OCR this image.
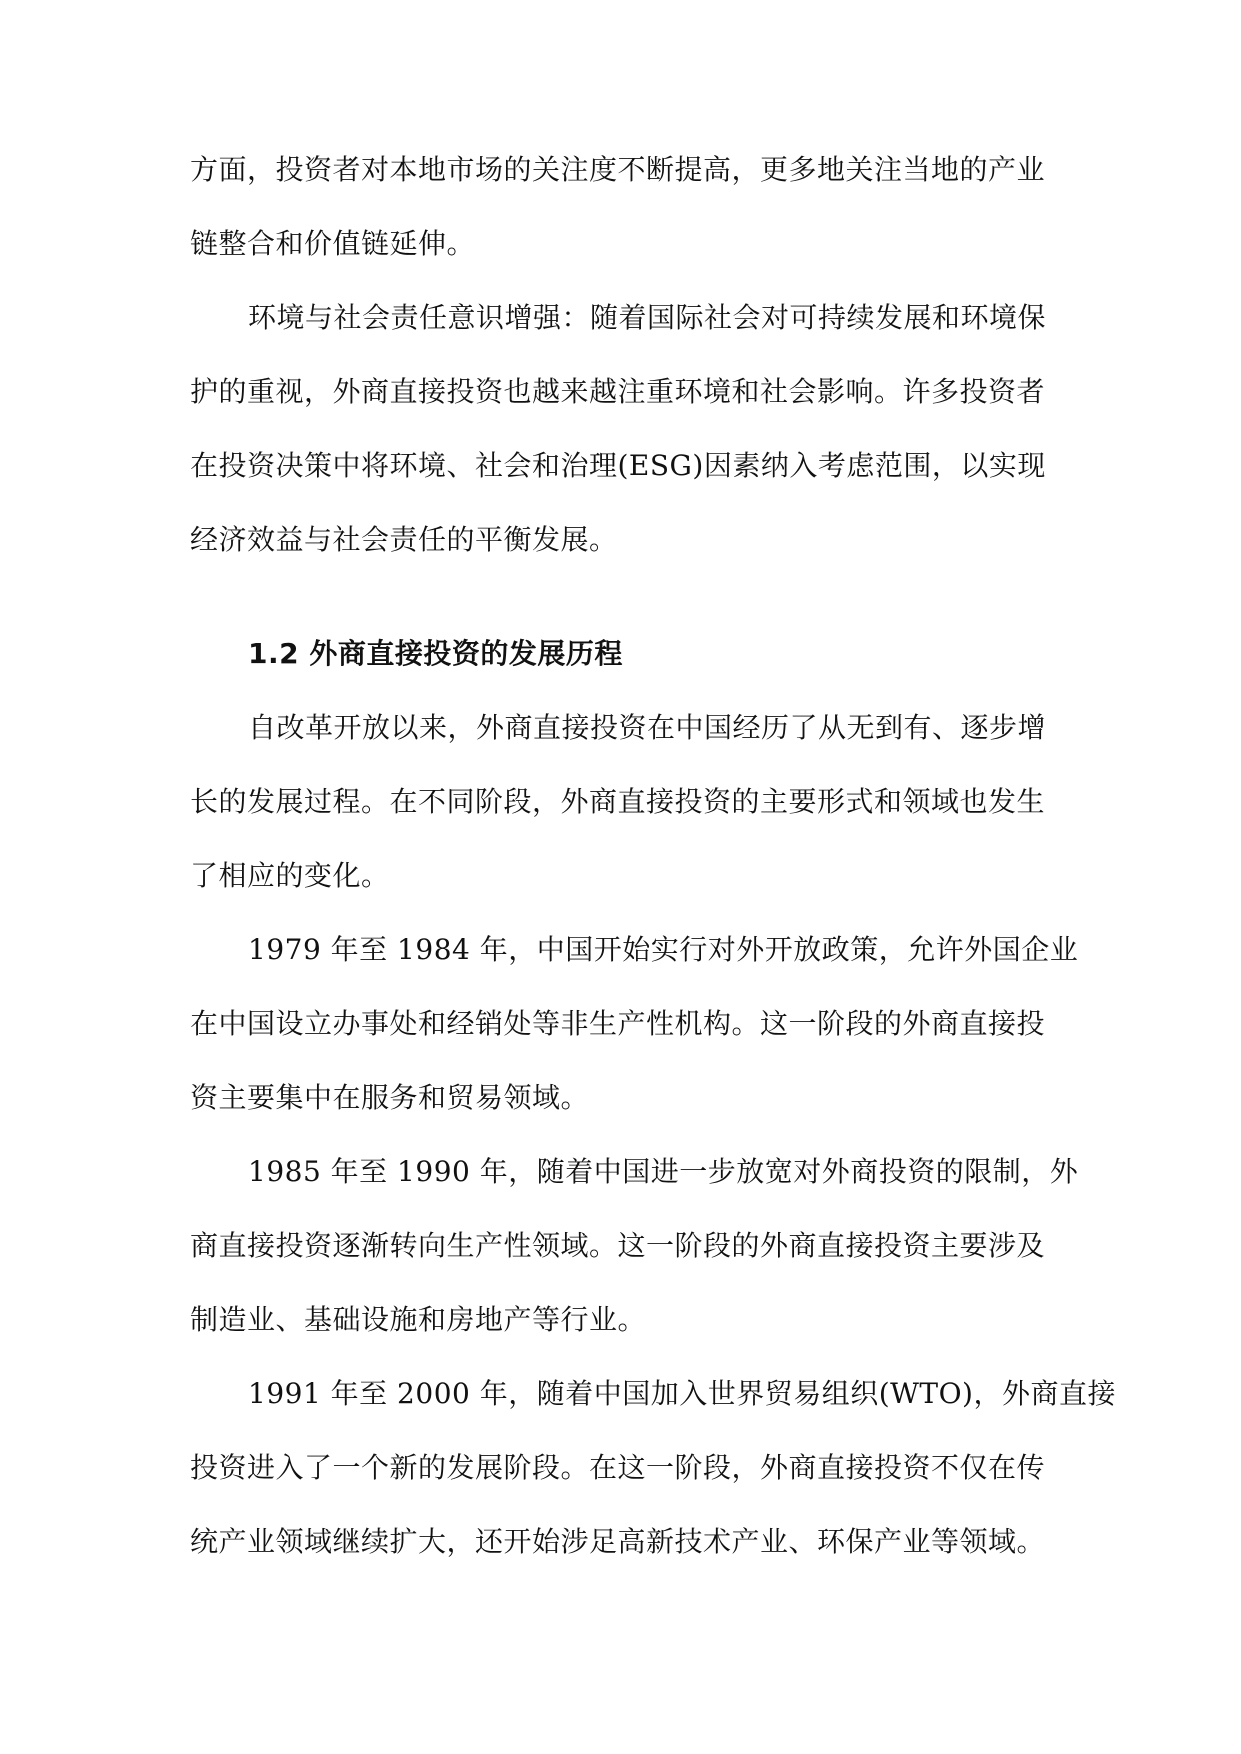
方面，投资者对本地市场的关注度不断提高，更多地关注当地的产业
链整合和价值链延伸。
环境与社会责任意识增强：随着国际社会对可持续发展和环境保
护的重视，外商直接投资也越来越注重环境和社会影响。许多投资者
在投资决策中将环境、社会和治理(ESG)因素纳入考虑范围，以实现
经济效益与社会责任的平衡发展。
1.2 外商直接投资的发展历程
自改革开放以来，外商直接投资在中国经历了从无到有、逐步增
长的发展过程。在不同阶段，外商直接投资的主要形式和领域也发生
了相应的变化。
1979 年至 1984 年，中国开始实行对外开放政策，允许外国企业
在中国设立办事处和经销处等非生产性机构。这一阶段的外商直接投
资主要集中在服务和贸易领域。
1985 年至 1990 年，随着中国进一步放宽对外商投资的限制，外
商直接投资逐渐转向生产性领域。这一阶段的外商直接投资主要涉及
制造业、基础设施和房地产等行业。
1991 年至 2000 年，随着中国加入世界贸易组织(WTO)，外商直接
投资进入了一个新的发展阶段。在这一阶段，外商直接投资不仅在传
统产业领域继续扩大，还开始涉足高新技术产业、环保产业等领域。
